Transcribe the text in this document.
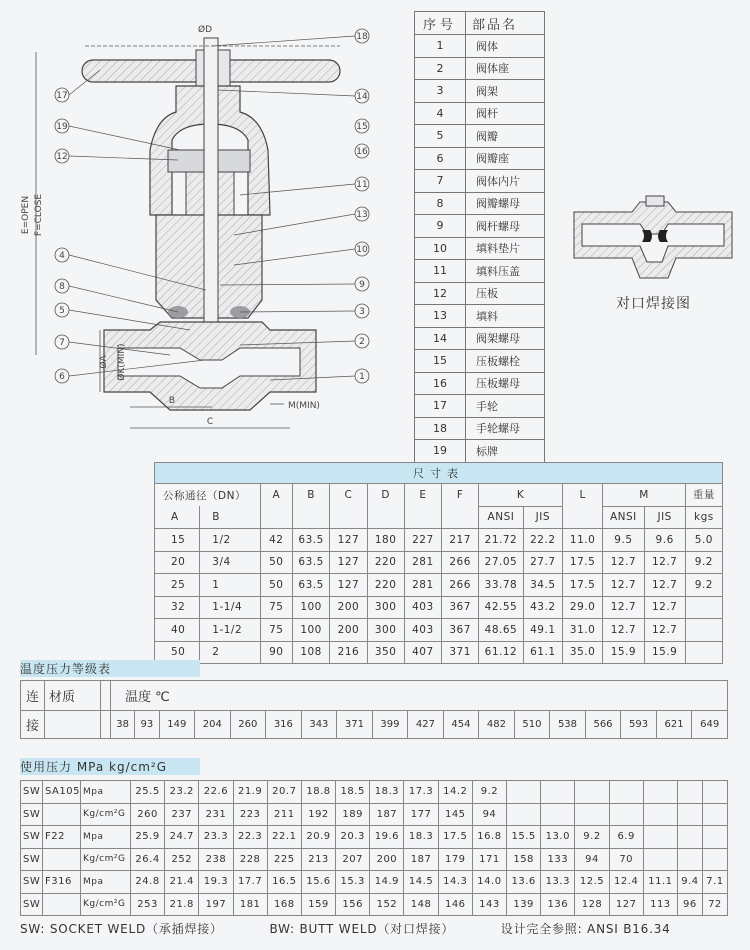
ØD
E=OPEN F=CLOSE
ØA ØK(MIN)
B
C
M(MIN)
17
19
12
4
8
5
7
6
18
14
15
16
11
13
10
9
3
2
1
对口焊接图
序号	部品名
1	阀体
2	阀体座
3	阀架
4	阀杆
5	阀瓣
6	阀瓣座
7	阀体内片
8	阀瓣螺母
9	阀杆螺母
10	填料垫片
11	填料压盖
12	压板
13	填料
14	阀架螺母
15	压板螺栓
16	压板螺母
17	手轮
18	手轮螺母
19	标牌
尺寸表													
公称通径（DN）		A	B	C	D	E	F	K		L	M		重量
A	B							ANSI	JIS		ANSI	JIS	kgs
15	1/2	42	63.5	127	180	227	217	21.72	22.2	11.0	9.5	9.6	5.0
20	3/4	50	63.5	127	220	281	266	27.05	27.7	17.5	12.7	12.7	9.2
25	1	50	63.5	127	220	281	266	33.78	34.5	17.5	12.7	12.7	9.2
32	1-1/4	75	100	200	300	403	367	42.55	43.2	29.0	12.7	12.7	
40	1-1/2	75	100	200	300	403	367	48.65	49.1	31.0	12.7	12.7	
50	2	90	108	216	350	407	371	61.12	61.1	35.0	15.9	15.9	
温度压力等级表
连	材质		温度 ℃																	
接			38	93	149	204	260	316	343	371	399	427	454	482	510	538	566	593	621	649
使用压力 MPa kg/cm²G
SW	SA105	Mpa	25.5	23.2	22.6	21.9	20.7	18.8	18.5	18.3	17.3	14.2	9.2							
SW		Kg/cm²G	260	237	231	223	211	192	189	187	177	145	94							
SW	F22	Mpa	25.9	24.7	23.3	22.3	22.1	20.9	20.3	19.6	18.3	17.5	16.8	15.5	13.0	9.2	6.9			
SW		Kg/cm²G	26.4	252	238	228	225	213	207	200	187	179	171	158	133	94	70			
SW	F316	Mpa	24.8	21.4	19.3	17.7	16.5	15.6	15.3	14.9	14.5	14.3	14.0	13.6	13.3	12.5	12.4	11.1	9.4	7.1
SW		Kg/cm²G	253	21.8	197	181	168	159	156	152	148	146	143	139	136	128	127	113	96	72
SW: SOCKET WELD（承插焊接）	BW: BUTT WELD（对口焊接）	设计完全参照: ANSI B16.34
